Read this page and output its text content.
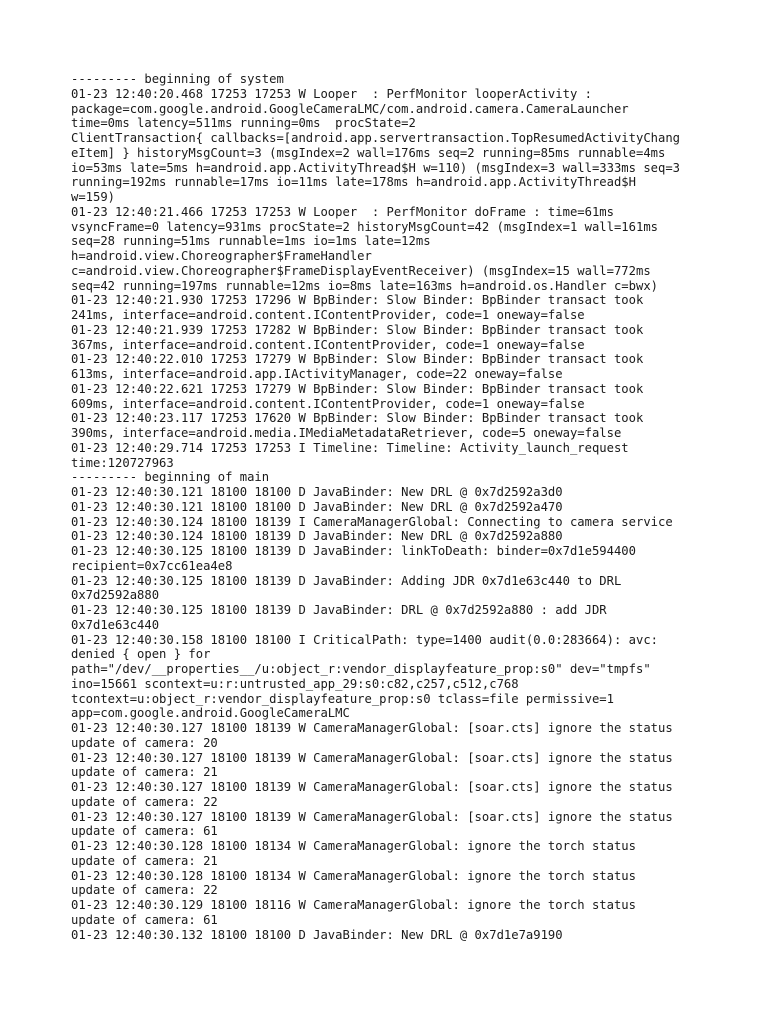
--------- beginning of system
01-23 12:40:20.468 17253 17253 W Looper  : PerfMonitor looperActivity :
package=com.google.android.GoogleCameraLMC/com.android.camera.CameraLauncher
time=0ms latency=511ms running=0ms  procState=2
ClientTransaction{ callbacks=[android.app.servertransaction.TopResumedActivityChang
eItem] } historyMsgCount=3 (msgIndex=2 wall=176ms seq=2 running=85ms runnable=4ms
io=53ms late=5ms h=android.app.ActivityThread$H w=110) (msgIndex=3 wall=333ms seq=3
running=192ms runnable=17ms io=11ms late=178ms h=android.app.ActivityThread$H
w=159)
01-23 12:40:21.466 17253 17253 W Looper  : PerfMonitor doFrame : time=61ms
vsyncFrame=0 latency=931ms procState=2 historyMsgCount=42 (msgIndex=1 wall=161ms
seq=28 running=51ms runnable=1ms io=1ms late=12ms
h=android.view.Choreographer$FrameHandler
c=android.view.Choreographer$FrameDisplayEventReceiver) (msgIndex=15 wall=772ms
seq=42 running=197ms runnable=12ms io=8ms late=163ms h=android.os.Handler c=bwx)
01-23 12:40:21.930 17253 17296 W BpBinder: Slow Binder: BpBinder transact took
241ms, interface=android.content.IContentProvider, code=1 oneway=false
01-23 12:40:21.939 17253 17282 W BpBinder: Slow Binder: BpBinder transact took
367ms, interface=android.content.IContentProvider, code=1 oneway=false
01-23 12:40:22.010 17253 17279 W BpBinder: Slow Binder: BpBinder transact took
613ms, interface=android.app.IActivityManager, code=22 oneway=false
01-23 12:40:22.621 17253 17279 W BpBinder: Slow Binder: BpBinder transact took
609ms, interface=android.content.IContentProvider, code=1 oneway=false
01-23 12:40:23.117 17253 17620 W BpBinder: Slow Binder: BpBinder transact took
390ms, interface=android.media.IMediaMetadataRetriever, code=5 oneway=false
01-23 12:40:29.714 17253 17253 I Timeline: Timeline: Activity_launch_request
time:120727963
--------- beginning of main
01-23 12:40:30.121 18100 18100 D JavaBinder: New DRL @ 0x7d2592a3d0
01-23 12:40:30.121 18100 18100 D JavaBinder: New DRL @ 0x7d2592a470
01-23 12:40:30.124 18100 18139 I CameraManagerGlobal: Connecting to camera service
01-23 12:40:30.124 18100 18139 D JavaBinder: New DRL @ 0x7d2592a880
01-23 12:40:30.125 18100 18139 D JavaBinder: linkToDeath: binder=0x7d1e594400
recipient=0x7cc61ea4e8
01-23 12:40:30.125 18100 18139 D JavaBinder: Adding JDR 0x7d1e63c440 to DRL
0x7d2592a880
01-23 12:40:30.125 18100 18139 D JavaBinder: DRL @ 0x7d2592a880 : add JDR
0x7d1e63c440
01-23 12:40:30.158 18100 18100 I CriticalPath: type=1400 audit(0.0:283664): avc:
denied { open } for
path="/dev/__properties__/u:object_r:vendor_displayfeature_prop:s0" dev="tmpfs"
ino=15661 scontext=u:r:untrusted_app_29:s0:c82,c257,c512,c768
tcontext=u:object_r:vendor_displayfeature_prop:s0 tclass=file permissive=1
app=com.google.android.GoogleCameraLMC
01-23 12:40:30.127 18100 18139 W CameraManagerGlobal: [soar.cts] ignore the status
update of camera: 20
01-23 12:40:30.127 18100 18139 W CameraManagerGlobal: [soar.cts] ignore the status
update of camera: 21
01-23 12:40:30.127 18100 18139 W CameraManagerGlobal: [soar.cts] ignore the status
update of camera: 22
01-23 12:40:30.127 18100 18139 W CameraManagerGlobal: [soar.cts] ignore the status
update of camera: 61
01-23 12:40:30.128 18100 18134 W CameraManagerGlobal: ignore the torch status
update of camera: 21
01-23 12:40:30.128 18100 18134 W CameraManagerGlobal: ignore the torch status
update of camera: 22
01-23 12:40:30.129 18100 18116 W CameraManagerGlobal: ignore the torch status
update of camera: 61
01-23 12:40:30.132 18100 18100 D JavaBinder: New DRL @ 0x7d1e7a9190
